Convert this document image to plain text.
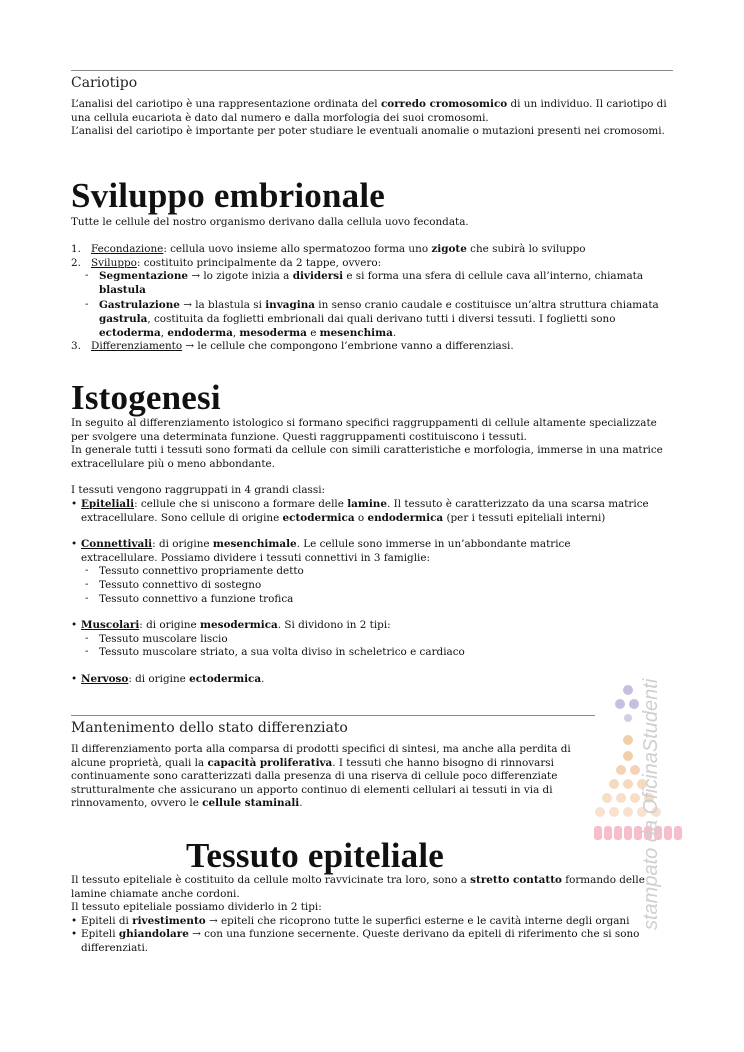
Cariotipo
L’analisi del cariotipo è una rappresentazione ordinata del corredo cromosomico di un individuo. Il cariotipo di una cellula eucariota è dato dal numero e dalla morfologia dei suoi cromosomi.
L’analisi del cariotipo è importante per poter studiare le eventuali anomalie o mutazioni presenti nei cromosomi.
Sviluppo embrionale
Tutte le cellule del nostro organismo derivano dalla cellula uovo fecondata.
1. Fecondazione: cellula uovo insieme allo spermatozoo forma uno zigote che subirà lo sviluppo
2. Sviluppo: costituito principalmente da 2 tappe, ovvero:
- Segmentazione → lo zigote inizia a dividersi e si forma una sfera di cellule cava all’interno, chiamata blastula
- Gastrulazione → la blastula si invagina in senso cranio caudale e costituisce un’altra struttura chiamata gastrula, costituita da foglietti embrionali dai quali derivano tutti i diversi tessuti. I foglietti sono ectoderma, endoderma, mesoderma e mesenchima.
3. Differenziamento → le cellule che compongono l’embrione vanno a differenziasi.
Istogenesi
In seguito al differenziamento istologico si formano specifici raggruppamenti di cellule altamente specializzate per svolgere una determinata funzione. Questi raggruppamenti costituiscono i tessuti.
In generale tutti i tessuti sono formati da cellule con simili caratteristiche e morfologia, immerse in una matrice extracellulare più o meno abbondante.
I tessuti vengono raggruppati in 4 grandi classi:
• Epiteliali: cellule che si uniscono a formare delle lamine. Il tessuto è caratterizzato da una scarsa matrice extracellulare. Sono cellule di origine ectodermica o endodermica (per i tessuti epiteliali interni)
• Connettivali: di origine mesenchimale. Le cellule sono immerse in un’abbondante matrice extracellulare. Possiamo dividere i tessuti connettivi in 3 famiglie:
- Tessuto connettivo propriamente detto
- Tessuto connettivo di sostegno
- Tessuto connettivo a funzione trofica
• Muscolari: di origine mesodermica. Si dividono in 2 tipi:
- Tessuto muscolare liscio
- Tessuto muscolare striato, a sua volta diviso in scheletrico e cardiaco
• Nervoso: di origine ectodermica.
Mantenimento dello stato differenziato
Il differenziamento porta alla comparsa di prodotti specifici di sintesi, ma anche alla perdita di alcune proprietà, quali la capacità proliferativa. I tessuti che hanno bisogno di rinnovarsi continuamente sono caratterizzati dalla presenza di una riserva di cellule poco differenziate strutturalmente che assicurano un apporto continuo di elementi cellulari ai tessuti in via di rinnovamento, ovvero le cellule staminali.	stampato da OficinaStudenti
Tessuto epiteliale
Il tessuto epiteliale è costituito da cellule molto ravvicinate tra loro, sono a stretto contatto formando delle lamine chiamate anche cordoni.
Il tessuto epiteliale possiamo dividerlo in 2 tipi:
• Epiteli di rivestimento → epiteli che ricoprono tutte le superfici esterne e le cavità interne degli organi
• Epiteli ghiandolare → con una funzione secernente. Queste derivano da epiteli di riferimento che si sono differenziati.
